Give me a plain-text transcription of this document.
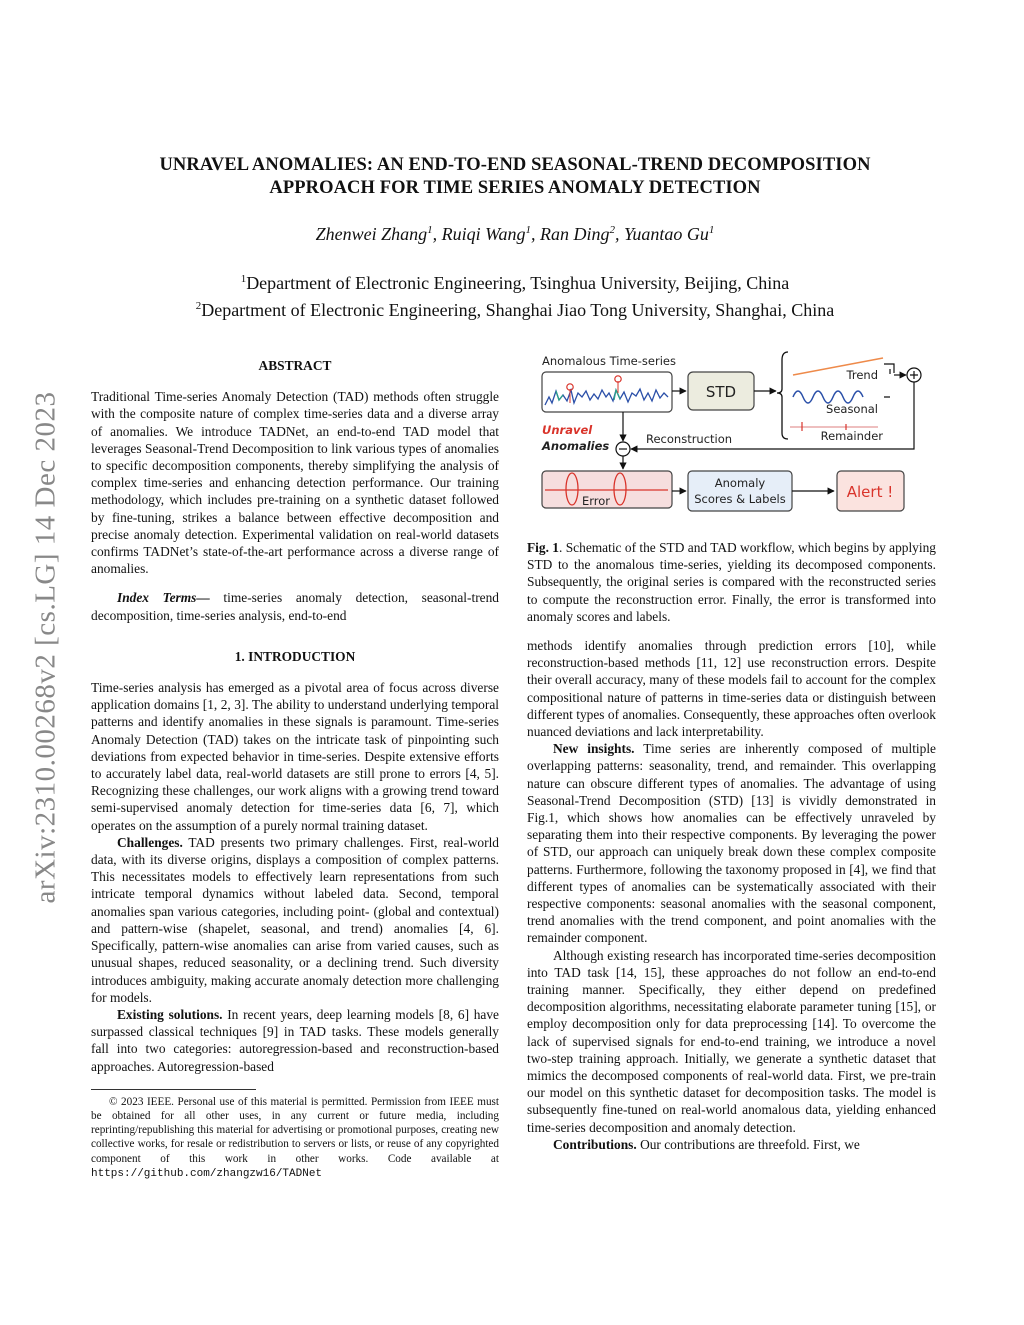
arXiv:2310.00268v2 [cs.LG] 14 Dec 2023
UNRAVEL ANOMALIES: AN END-TO-END SEASONAL-TREND DECOMPOSITION
APPROACH FOR TIME SERIES ANOMALY DETECTION
Zhenwei Zhang$^1$, Ruiqi Wang$^1$, Ran Ding$^2$, Yuantao Gu$^1$
$^1$Department of Electronic Engineering, Tsinghua University, Beijing, China
$^2$Department of Electronic Engineering, Shanghai Jiao Tong University, Shanghai, China
ABSTRACT
Traditional Time-series Anomaly Detection (TAD) methods often struggle with the composite nature of complex time-series data and a diverse array of anomalies. We introduce TADNet, an end-to-end TAD model that leverages Seasonal-Trend Decomposition to link various types of anomalies to specific decomposition components, thereby simplifying the analysis of complex time-series and enhancing detection performance. Our training methodology, which includes pre-training on a synthetic dataset followed by fine-tuning, strikes a balance between effective decomposition and precise anomaly detection. Experimental validation on real-world datasets confirms TADNet’s state-of-the-art performance across a diverse range of anomalies.
Index Terms— time-series anomaly detection, seasonal-trend decomposition, time-series analysis, end-to-end
1. INTRODUCTION
Time-series analysis has emerged as a pivotal area of focus across diverse application domains [1, 2, 3]. The ability to understand underlying temporal patterns and identify anomalies in these signals is paramount. Time-series Anomaly Detection (TAD) takes on the intricate task of pinpointing such deviations from expected behavior in time-series. Despite extensive efforts to accurately label data, real-world datasets are still prone to errors [4, 5]. Recognizing these challenges, our work aligns with a growing trend toward semi-supervised anomaly detection for time-series data [6, 7], which operates on the assumption of a purely normal training dataset.
Challenges. TAD presents two primary challenges. First, real-world data, with its diverse origins, displays a composition of complex patterns. This necessitates models to effectively learn representations from such intricate temporal dynamics without labeled data. Second, temporal anomalies span various categories, including point- (global and contextual) and pattern-wise (shapelet, seasonal, and trend) anomalies [4, 6]. Specifically, pattern-wise anomalies can arise from varied causes, such as unusual shapes, reduced seasonality, or a declining trend. Such diversity introduces ambiguity, making accurate anomaly detection more challenging for models.
Existing solutions. In recent years, deep learning models [8, 6] have surpassed classical techniques [9] in TAD tasks. These models generally fall into two categories: autoregression-based and reconstruction-based approaches. Autoregression-based
© 2023 IEEE. Personal use of this material is permitted. Permission from IEEE must be obtained for all other uses, in any current or future media, including reprinting/republishing this material for advertising or promotional purposes, creating new collective works, for resale or redistribution to servers or lists, or reuse of any copyrighted component of this work in other works. Code available at https://github.com/zhangzw16/TADNet
Anomalous Time-series
STD
Trend
Seasonal
Remainder
Reconstruction
Unravel
Anomalies
Error
Anomaly
Scores & Labels	Alert !
Fig. 1. Schematic of the STD and TAD workflow, which begins by applying STD to the anomalous time-series, yielding its decomposed components. Subsequently, the original series is compared with the reconstructed series to compute the reconstruction error. Finally, the error is transformed into anomaly scores and labels.
methods identify anomalies through prediction errors [10], while reconstruction-based methods [11, 12] use reconstruction errors. Despite their overall accuracy, many of these models fail to account for the complex compositional nature of patterns in time-series data or distinguish between different types of anomalies. Consequently, these approaches often overlook nuanced deviations and lack interpretability.
New insights. Time series are inherently composed of multiple overlapping patterns: seasonality, trend, and remainder. This overlapping nature can obscure different types of anomalies. The advantage of using Seasonal-Trend Decomposition (STD) [13] is vividly demonstrated in Fig.1, which shows how anomalies can be effectively unraveled by separating them into their respective components. By leveraging the power of STD, our approach can uniquely break down these complex composite patterns. Furthermore, following the taxonomy proposed in [4], we find that different types of anomalies can be systematically associated with their respective components: seasonal anomalies with the seasonal component, trend anomalies with the trend component, and point anomalies with the remainder component.
Although existing research has incorporated time-series decomposition into TAD task [14, 15], these approaches do not follow an end-to-end training manner. Specifically, they either depend on predefined decomposition algorithms, necessitating elaborate parameter tuning [15], or employ decomposition only for data preprocessing [14]. To overcome the lack of supervised signals for end-to-end training, we introduce a novel two-step training approach. Initially, we generate a synthetic dataset that mimics the decomposed components of real-world data. First, we pre-train our model on this synthetic dataset for decomposition tasks. The model is subsequently fine-tuned on real-world anomalous data, yielding enhanced time-series decomposition and anomaly detection.
Contributions. Our contributions are threefold. First, we
